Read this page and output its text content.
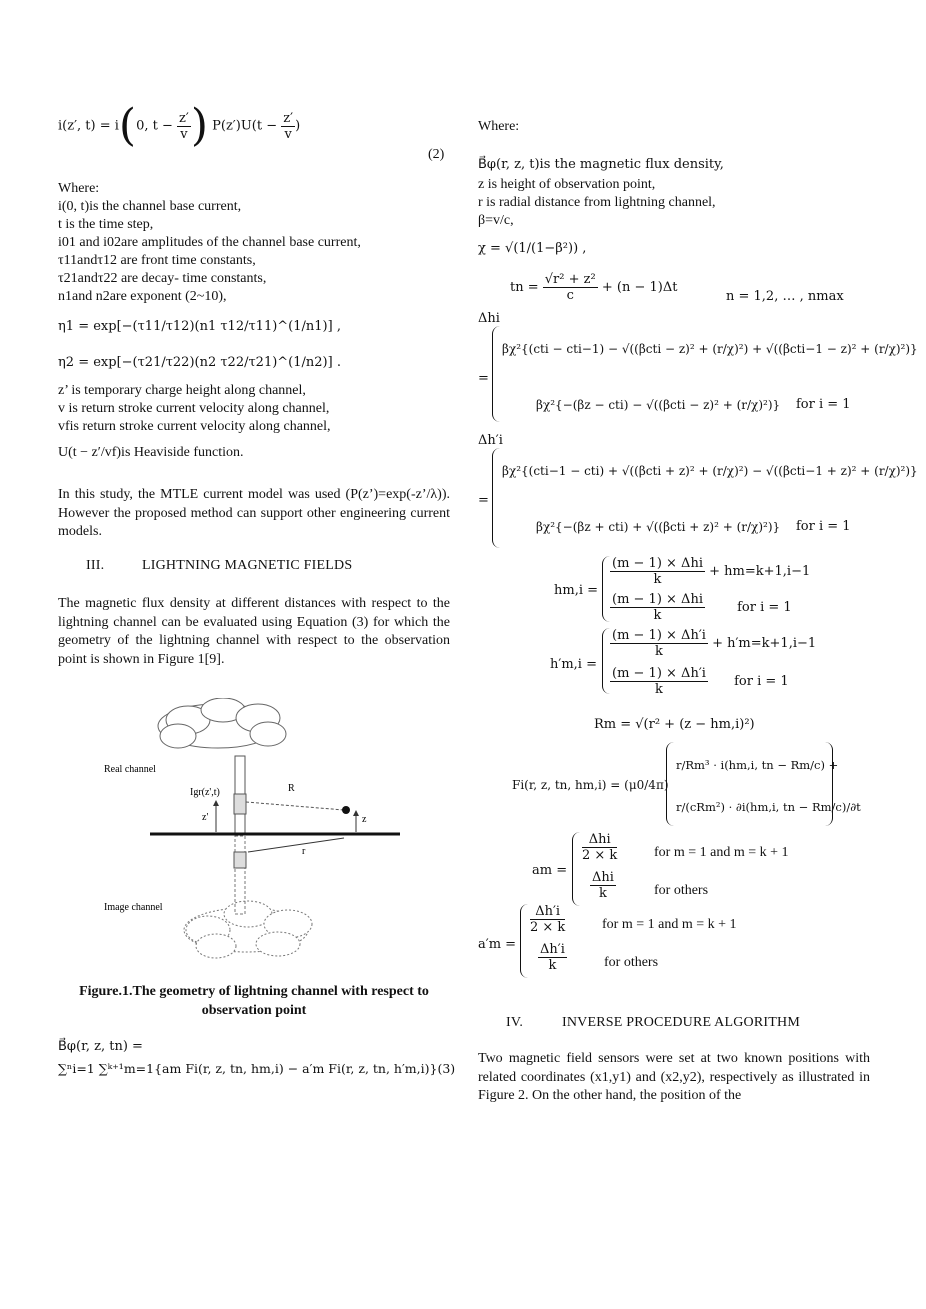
i(z′, t) = i(0, $t - \frac{z'}{v}$ ) $P(z')U(t - \frac{z'}{v}$ )
(2)
Where:
i(0, t)is the channel base current,
t is the time step,
i01 and i02are amplitudes of the channel base current,
τ11andτ12 are front time constants,
τ21andτ22 are decay- time constants,
n1and n2are exponent (2~10),
η1 = exp⁡[−(τ11/τ12)(n1 τ12/τ11)^(1/n1)] ,
η2 = exp⁡[−(τ21/τ22)(n2 τ22/τ21)^(1/n2)] .
z’ is temporary charge height along channel,
v is return stroke current velocity along channel,
vfis return stroke current velocity along channel,
U(t − z′/vf)is Heaviside function.
In this study, the MTLE current model was used (P(z’)=exp(-z’/λ)). However the proposed method can support other engineering current models.
III.	LIGHTNING MAGNETIC FIELDS
The magnetic flux density at different distances with respect to the lightning channel can be evaluated using Equation (3) for which the geometry of the lightning channel with respect to the observation point is shown in Figure 1[9].
Real channel
Image channel
Igr(z',t)	R
z'	z
r
Figure.1.The geometry of lightning channel with respect to observation point
B⃗φ(r, z, tn) =
∑ⁿi=1 ∑ᵏ⁺¹m=1{am Fi(r, z, tn, hm,i) − a′m Fi(r, z, tn, h′m,i)}(3)
Where:
B⃗φ(r, z, t)is the magnetic flux density,
z is height of observation point,
r is radial distance from lightning channel,
β=v/c,
χ = √(1/(1−β²)) ,
tn = $\frac{\text{√r² + z²}}{c} + (n - 1)\Delta t$
n = 1,2, … , nmax
Δhi
=
βχ²{(cti − cti−1) − √((βcti − z)² + (r/χ)²) + √((βcti−1 − z)² + (r/χ)²)}
βχ²{−(βz − cti) − √((βcti − z)² + (r/χ)²)} for i = 1
Δh′i
=
βχ²{(cti−1 − cti) + √((βcti + z)² + (r/χ)²) − √((βcti−1 + z)² + (r/χ)²)}
βχ²{−(βz + cti) + √((βcti + z)² + (r/χ)²)} for i = 1
hm,i =
$\frac{\text{(m − 1) × Δhi}}{k} + hm=k+1,i-1$
$\frac{\text{(m − 1) × Δhi}}{k}$ for i = 1
h′m,i =
$\frac{(m - 1) \times \Delta h'i}{k} + h'm=k+1,i-1$
$\frac{(m - 1) \times \Delta h'i}{k}$ for i = 1
Rm = √(r² + (z − hm,i)²)
Fi(r, z, tn, hm,i) = (μ0/4π)
r/Rm³ · i(hm,i, tn − Rm/c) +
r/(cRm²) · ∂i(hm,i, tn − Rm/c)/∂t
am =
$\frac{\text{Δhi}}{2 \times k}$	for m = 1 and m = k + 1
$\frac{\text{Δhi}}{k}$	for others
a′m =
$\frac{\Delta h'i}{2 \times k}$	for m = 1 and m = k + 1
$\frac{\Delta h'i}{k}$	for others
IV.	INVERSE PROCEDURE ALGORITHM
Two magnetic field sensors were set at two known positions with related coordinates (x1,y1) and (x2,y2), respectively as illustrated in Figure 2. On the other hand, the position of the
